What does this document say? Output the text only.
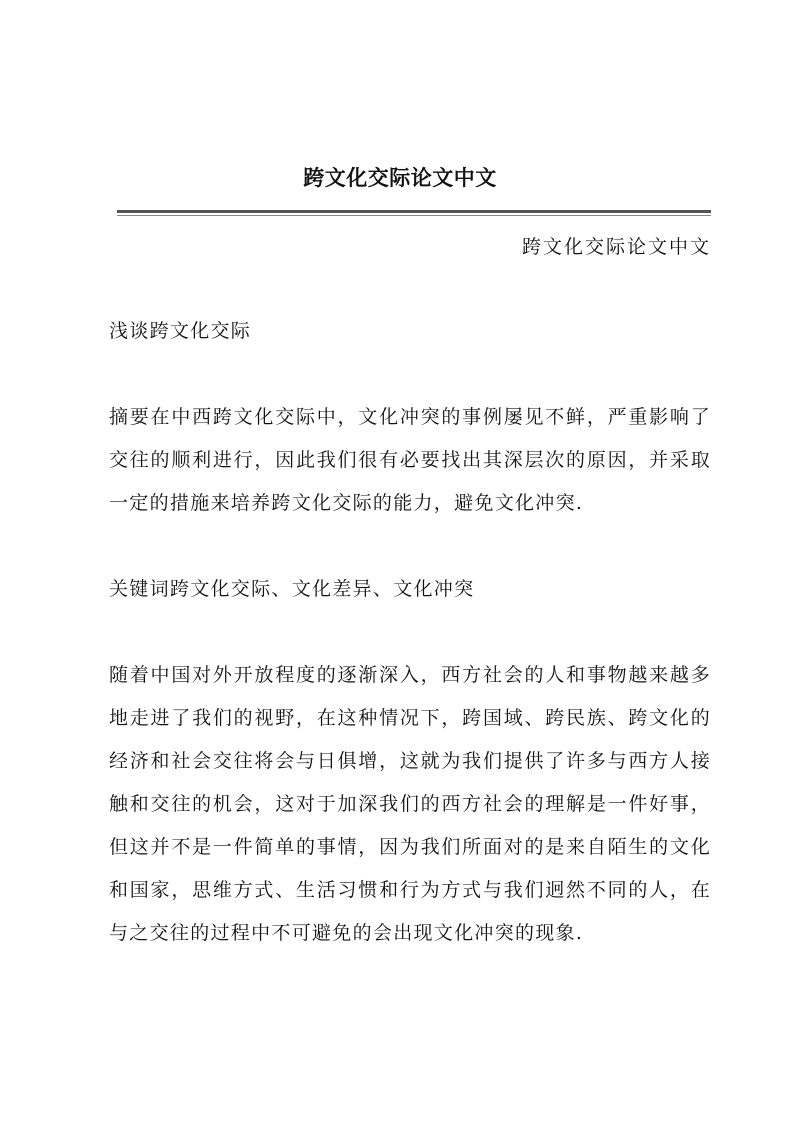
跨文化交际论文中文
跨文化交际论文中文

浅谈跨文化交际

摘要在中西跨文化交际中，文化冲突的事例屡见不鲜，严重影响了交往的顺利进行，因此我们很有必要找出其深层次的原因，并采取一定的措施来培养跨文化交际的能力，避免文化冲突.

关键词跨文化交际、文化差异、文化冲突

随着中国对外开放程度的逐渐深入，西方社会的人和事物越来越多地走进了我们的视野，在这种情况下，跨国域、跨民族、跨文化的经济和社会交往将会与日俱增，这就为我们提供了许多与西方人接触和交往的机会，这对于加深我们的西方社会的理解是一件好事，但这并不是一件简单的事情，因为我们所面对的是来自陌生的文化和国家，思维方式、生活习惯和行为方式与我们迥然不同的人，在与之交往的过程中不可避免的会出现文化冲突的现象.
